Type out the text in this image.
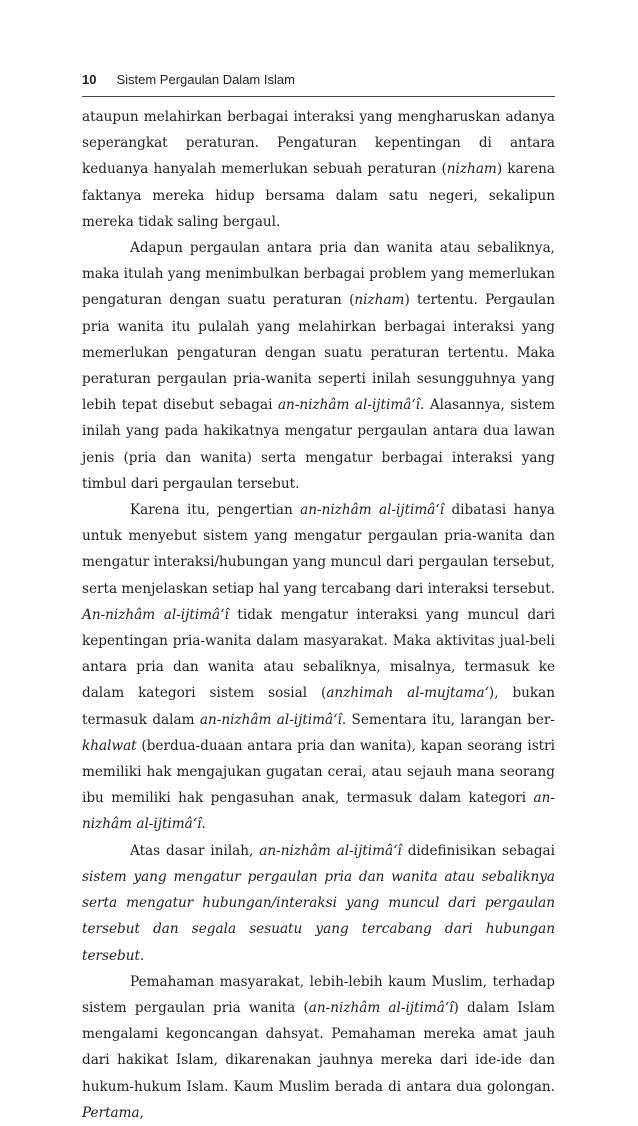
10 Sistem Pergaulan Dalam Islam

ataupun melahirkan berbagai interaksi yang mengharuskan adanya seperangkat peraturan. Pengaturan kepentingan di antara keduanya hanyalah memerlukan sebuah peraturan (nizham) karena faktanya mereka hidup bersama dalam satu negeri, sekalipun mereka tidak saling bergaul.

Adapun pergaulan antara pria dan wanita atau sebaliknya, maka itulah yang menimbulkan berbagai problem yang memerlukan pengaturan dengan suatu peraturan (nizham) tertentu. Pergaulan pria wanita itu pulalah yang melahirkan berbagai interaksi yang memerlukan pengaturan dengan suatu peraturan tertentu. Maka peraturan pergaulan pria-wanita seperti inilah sesungguhnya yang lebih tepat disebut sebagai an-nizhâm al-ijtimâ‘î. Alasannya, sistem inilah yang pada hakikatnya mengatur pergaulan antara dua lawan jenis (pria dan wanita) serta mengatur berbagai interaksi yang timbul dari pergaulan tersebut.

Karena itu, pengertian an-nizhâm al-ijtimâ‘î dibatasi hanya untuk menyebut sistem yang mengatur pergaulan pria-wanita dan mengatur interaksi/hubungan yang muncul dari pergaulan tersebut, serta menjelaskan setiap hal yang tercabang dari interaksi tersebut. An-nizhâm al-ijtimâ‘î tidak mengatur interaksi yang muncul dari kepentingan pria-wanita dalam masyarakat. Maka aktivitas jual-beli antara pria dan wanita atau sebaliknya, misalnya, termasuk ke dalam kategori sistem sosial (anzhimah al-mujtama‘), bukan termasuk dalam an-nizhâm al-ijtimâ‘î. Sementara itu, larangan ber-khalwat (berdua-duaan antara pria dan wanita), kapan seorang istri memiliki hak mengajukan gugatan cerai, atau sejauh mana seorang ibu memiliki hak pengasuhan anak, termasuk dalam kategori an-nizhâm al-ijtimâ‘î.

Atas dasar inilah, an-nizhâm al-ijtimâ‘î didefinisikan sebagai sistem yang mengatur pergaulan pria dan wanita atau sebaliknya serta mengatur hubungan/interaksi yang muncul dari pergaulan tersebut dan segala sesuatu yang tercabang dari hubungan tersebut.

Pemahaman masyarakat, lebih-lebih kaum Muslim, terhadap sistem pergaulan pria wanita (an-nizhâm al-ijtimâ‘î) dalam Islam mengalami kegoncangan dahsyat. Pemahaman mereka amat jauh dari hakikat Islam, dikarenakan jauhnya mereka dari ide-ide dan hukum-hukum Islam. Kaum Muslim berada di antara dua golongan. Pertama,
